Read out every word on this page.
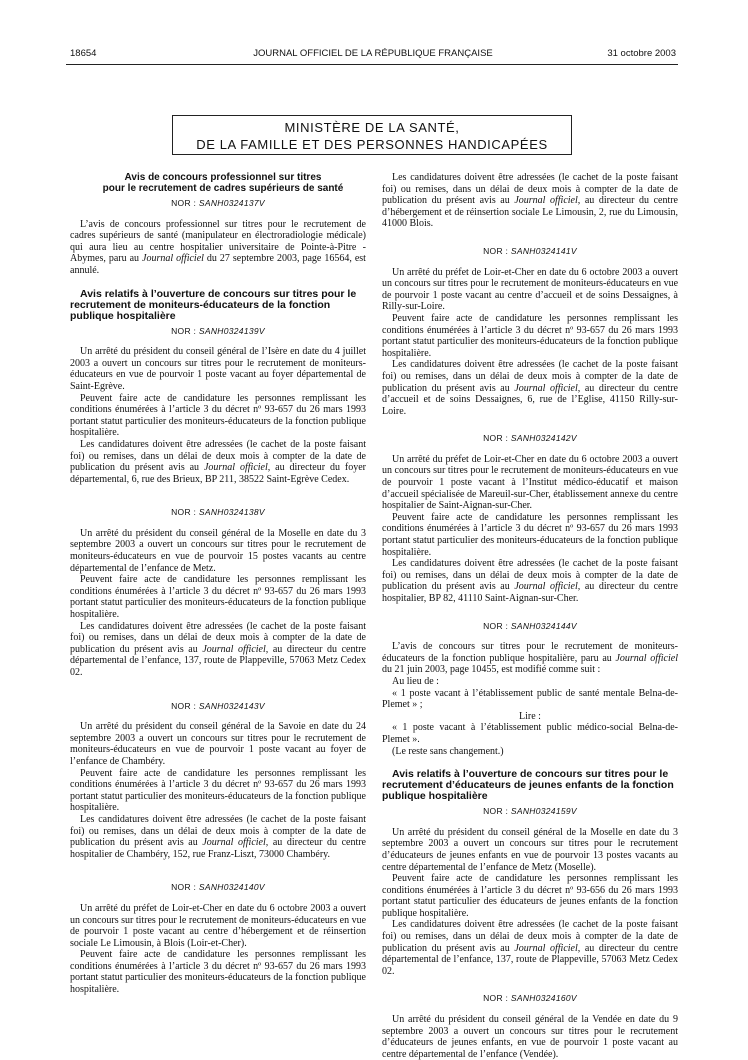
18654	JOURNAL OFFICIEL DE LA RÉPUBLIQUE FRANÇAISE	31 octobre 2003
MINISTÈRE DE LA SANTÉ,
DE LA FAMILLE ET DES PERSONNES HANDICAPÉES

Avis de concours professionnel sur titres

pour le recrutement de cadres supérieurs de santé

NOR : SANH0324137V

L’avis de concours professionnel sur titres pour le recrutement de cadres supérieurs de santé (manipulateur en électroradiologie médicale) qui aura lieu au centre hospitalier universitaire de Pointe-à-Pitre - Abymes, paru au Journal officiel du 27 septembre 2003, page 16564, est annulé.

Avis relatifs à l’ouverture de concours sur titres pour le recrutement de moniteurs-éducateurs de la fonction publique hospitalière

NOR : SANH0324139V

Un arrêté du président du conseil général de l’Isère en date du 4 juillet 2003 a ouvert un concours sur titres pour le recrutement de moniteurs-éducateurs en vue de pourvoir 1 poste vacant au foyer départemental de Saint-Egrève.

Peuvent faire acte de candidature les personnes remplissant les conditions énumérées à l’article 3 du décret nº 93-657 du 26 mars 1993 portant statut particulier des moniteurs-éducateurs de la fonction publique hospitalière.

Les candidatures doivent être adressées (le cachet de la poste faisant foi) ou remises, dans un délai de deux mois à compter de la date de publication du présent avis au Journal officiel, au directeur du foyer départemental, 6, rue des Brieux, BP 211, 38522 Saint-Egrève Cedex.

NOR : SANH0324138V

Un arrêté du président du conseil général de la Moselle en date du 3 septembre 2003 a ouvert un concours sur titres pour le recrutement de moniteurs-éducateurs en vue de pourvoir 15 postes vacants au centre départemental de l’enfance de Metz.

Peuvent faire acte de candidature les personnes remplissant les conditions énumérées à l’article 3 du décret nº 93-657 du 26 mars 1993 portant statut particulier des moniteurs-éducateurs de la fonction publique hospitalière.

Les candidatures doivent être adressées (le cachet de la poste faisant foi) ou remises, dans un délai de deux mois à compter de la date de publication du présent avis au Journal officiel, au directeur du centre départemental de l’enfance, 137, route de Plappeville, 57063 Metz Cedex 02.

NOR : SANH0324143V

Un arrêté du président du conseil général de la Savoie en date du 24 septembre 2003 a ouvert un concours sur titres pour le recrutement de moniteurs-éducateurs en vue de pourvoir 1 poste vacant au foyer de l’enfance de Chambéry.

Peuvent faire acte de candidature les personnes remplissant les conditions énumérées à l’article 3 du décret nº 93-657 du 26 mars 1993 portant statut particulier des moniteurs-éducateurs de la fonction publique hospitalière.

Les candidatures doivent être adressées (le cachet de la poste faisant foi) ou remises, dans un délai de deux mois à compter de la date de publication du présent avis au Journal officiel, au directeur du centre hospitalier de Chambéry, 152, rue Franz-Liszt, 73000 Chambéry.

NOR : SANH0324140V

Un arrêté du préfet de Loir-et-Cher en date du 6 octobre 2003 a ouvert un concours sur titres pour le recrutement de moniteurs-éducateurs en vue de pourvoir 1 poste vacant au centre d’hébergement et de réinsertion sociale Le Limousin, à Blois (Loir-et-Cher).

Peuvent faire acte de candidature les personnes remplissant les conditions énumérées à l’article 3 du décret nº 93-657 du 26 mars 1993 portant statut particulier des moniteurs-éducateurs de la fonction publique hospitalière.

Les candidatures doivent être adressées (le cachet de la poste faisant foi) ou remises, dans un délai de deux mois à compter de la date de publication du présent avis au Journal officiel, au directeur du centre d’hébergement et de réinsertion sociale Le Limousin, 2, rue du Limousin, 41000 Blois.

NOR : SANH0324141V

Un arrêté du préfet de Loir-et-Cher en date du 6 octobre 2003 a ouvert un concours sur titres pour le recrutement de moniteurs-éducateurs en vue de pourvoir 1 poste vacant au centre d’accueil et de soins Dessaignes, à Rilly-sur-Loire.

Peuvent faire acte de candidature les personnes remplissant les conditions énumérées à l’article 3 du décret nº 93-657 du 26 mars 1993 portant statut particulier des moniteurs-éducateurs de la fonction publique hospitalière.

Les candidatures doivent être adressées (le cachet de la poste faisant foi) ou remises, dans un délai de deux mois à compter de la date de publication du présent avis au Journal officiel, au directeur du centre d’accueil et de soins Dessaignes, 6, rue de l’Eglise, 41150 Rilly-sur-Loire.

NOR : SANH0324142V

Un arrêté du préfet de Loir-et-Cher en date du 6 octobre 2003 a ouvert un concours sur titres pour le recrutement de moniteurs-éducateurs en vue de pourvoir 1 poste vacant à l’Institut médico-éducatif et maison d’accueil spécialisée de Mareuil-sur-Cher, établissement annexe du centre hospitalier de Saint-Aignan-sur-Cher.

Peuvent faire acte de candidature les personnes remplissant les conditions énumérées à l’article 3 du décret nº 93-657 du 26 mars 1993 portant statut particulier des moniteurs-éducateurs de la fonction publique hospitalière.

Les candidatures doivent être adressées (le cachet de la poste faisant foi) ou remises, dans un délai de deux mois à compter de la date de publication du présent avis au Journal officiel, au directeur du centre hospitalier, BP 82, 41110 Saint-Aignan-sur-Cher.

NOR : SANH0324144V

L’avis de concours sur titres pour le recrutement de moniteurs-éducateurs de la fonction publique hospitalière, paru au Journal officiel du 21 juin 2003, page 10455, est modifié comme suit :

Au lieu de :

« 1 poste vacant à l’établissement public de santé mentale Belna-de-Plemet » ;

Lire :

« 1 poste vacant à l’établissement public médico-social Belna-de-Plemet ».

(Le reste sans changement.)

Avis relatifs à l’ouverture de concours sur titres pour le recrutement d’éducateurs de jeunes enfants de la fonction publique hospitalière

NOR : SANH0324159V

Un arrêté du président du conseil général de la Moselle en date du 3 septembre 2003 a ouvert un concours sur titres pour le recrutement d’éducateurs de jeunes enfants en vue de pourvoir 13 postes vacants au centre départemental de l’enfance de Metz (Moselle).

Peuvent faire acte de candidature les personnes remplissant les conditions énumérées à l’article 3 du décret nº 93-656 du 26 mars 1993 portant statut particulier des éducateurs de jeunes enfants de la fonction publique hospitalière.

Les candidatures doivent être adressées (le cachet de la poste faisant foi) ou remises, dans un délai de deux mois à compter de la date de publication du présent avis au Journal officiel, au directeur du centre départemental de l’enfance, 137, route de Plappeville, 57063 Metz Cedex 02.

NOR : SANH0324160V

Un arrêté du président du conseil général de la Vendée en date du 9 septembre 2003 a ouvert un concours sur titres pour le recrutement d’éducateurs de jeunes enfants, en vue de pourvoir 1 poste vacant au centre départemental de l’enfance (Vendée).
